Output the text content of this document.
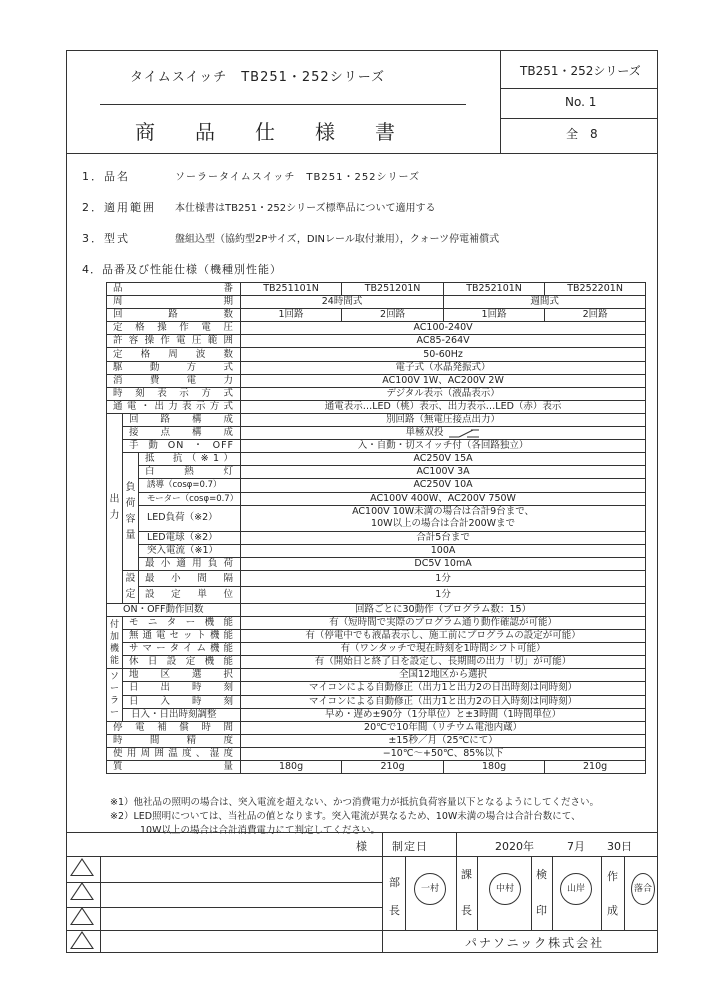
タイムスイッチ　TB251・252シリーズ
商　　品　　仕　　様　　書
TB251・252シリーズ
No. 1
全　8
1．品名	ソーラータイムスイッチ　TB251・252シリーズ
2．適用範囲 本仕様書はTB251・252シリーズ標準品について適用する
3．型式	盤組込型（協約型2Pサイズ，DINレール取付兼用），クォーツ停電補償式
4．品番及び性能仕様（機種別性能）
品　　　番			TB251101N	TB251201N	TB252101N	TB252201N
周　　　期			24時間式		週間式	
回　路　数			1回路	2回路	1回路	2回路
定格操作電圧			AC100-240V			
許容操作電圧範囲			AC85-264V			
定格周波数			50-60Hz			
駆動方式			電子式（水晶発振式）			
消費電力			AC100V 1W、AC200V 2W			
時刻表示方式			デジタル表示（液晶表示）			
通電・出力表示方式			通電表示…LED（桃）表示、出力表示…LED（赤）表示			
出　力	回路構成		別回路（無電圧接点出力）			
	接点構成		単極双投			
	手動ON・OFF		入・自動・切スイッチ付（各回路独立）			
	負荷容量	抵　抗（※1）	AC250V 15A			
		白　熱　灯	AC100V 3A			
		誘導（cosφ=0.7）	AC250V 10A			
		モーター（cosφ=0.7）	AC100V 400W、AC200V 750W			
		LED負荷（※2）	AC100V 10W未満の場合は合計9台まで、
10W以上の場合は合計200Wまで			

		LED電球（※2）	合計5台まで			
		突入電流（※1）	100A			
		最小適用負荷	DC5V 10mA			
	設定	最小間隔	1分			
		設定単位	1分			
ON・OFF動作回数			回路ごとに30動作（プログラム数：15）			
付加機能	モニター機能		有（短時間で実際のプログラム通り動作確認が可能）			
	無通電セット機能		有（停電中でも液晶表示し、施工前にプログラムの設定が可能）			
	サマータイム機能		有（ワンタッチで現在時刻を1時間シフト可能）			
	休日設定機能		有（開始日と終了日を設定し、長期間の出力「切」が可能）			
ソーラー	地区選択		全国12地区から選択			
	日出時刻		マイコンによる自動修正（出力1と出力2の日出時刻は同時刻）			
	日入時刻		マイコンによる自動修正（出力1と出力2の日入時刻は同時刻）			
	日入・日出時刻調整		早め・遅め±90分（1分単位）と±3時間（1時間単位）			
停電補償時間			20℃で10年間（リチウム電池内蔵）			
時間精度			±15秒／月（25℃にて）			
使用周囲温度、湿度			−10℃〜+50℃、85%以下			
質　　　量			180g	210g	180g	210g
※1）他社品の照明の場合は、突入電流を超えない、かつ消費電力が抵抗負荷容量以下となるようにしてください。
※2）LED照明については、当社品の値となります。突入電流が異なるため、10W未満の場合は合計台数にて、
10W以上の場合は合計消費電力にて判定してください。
様 制定日	2020年	7月 30日
部
長
一村
課
長
中村
検
印
山岸
作
成
落合
パナソニック株式会社
